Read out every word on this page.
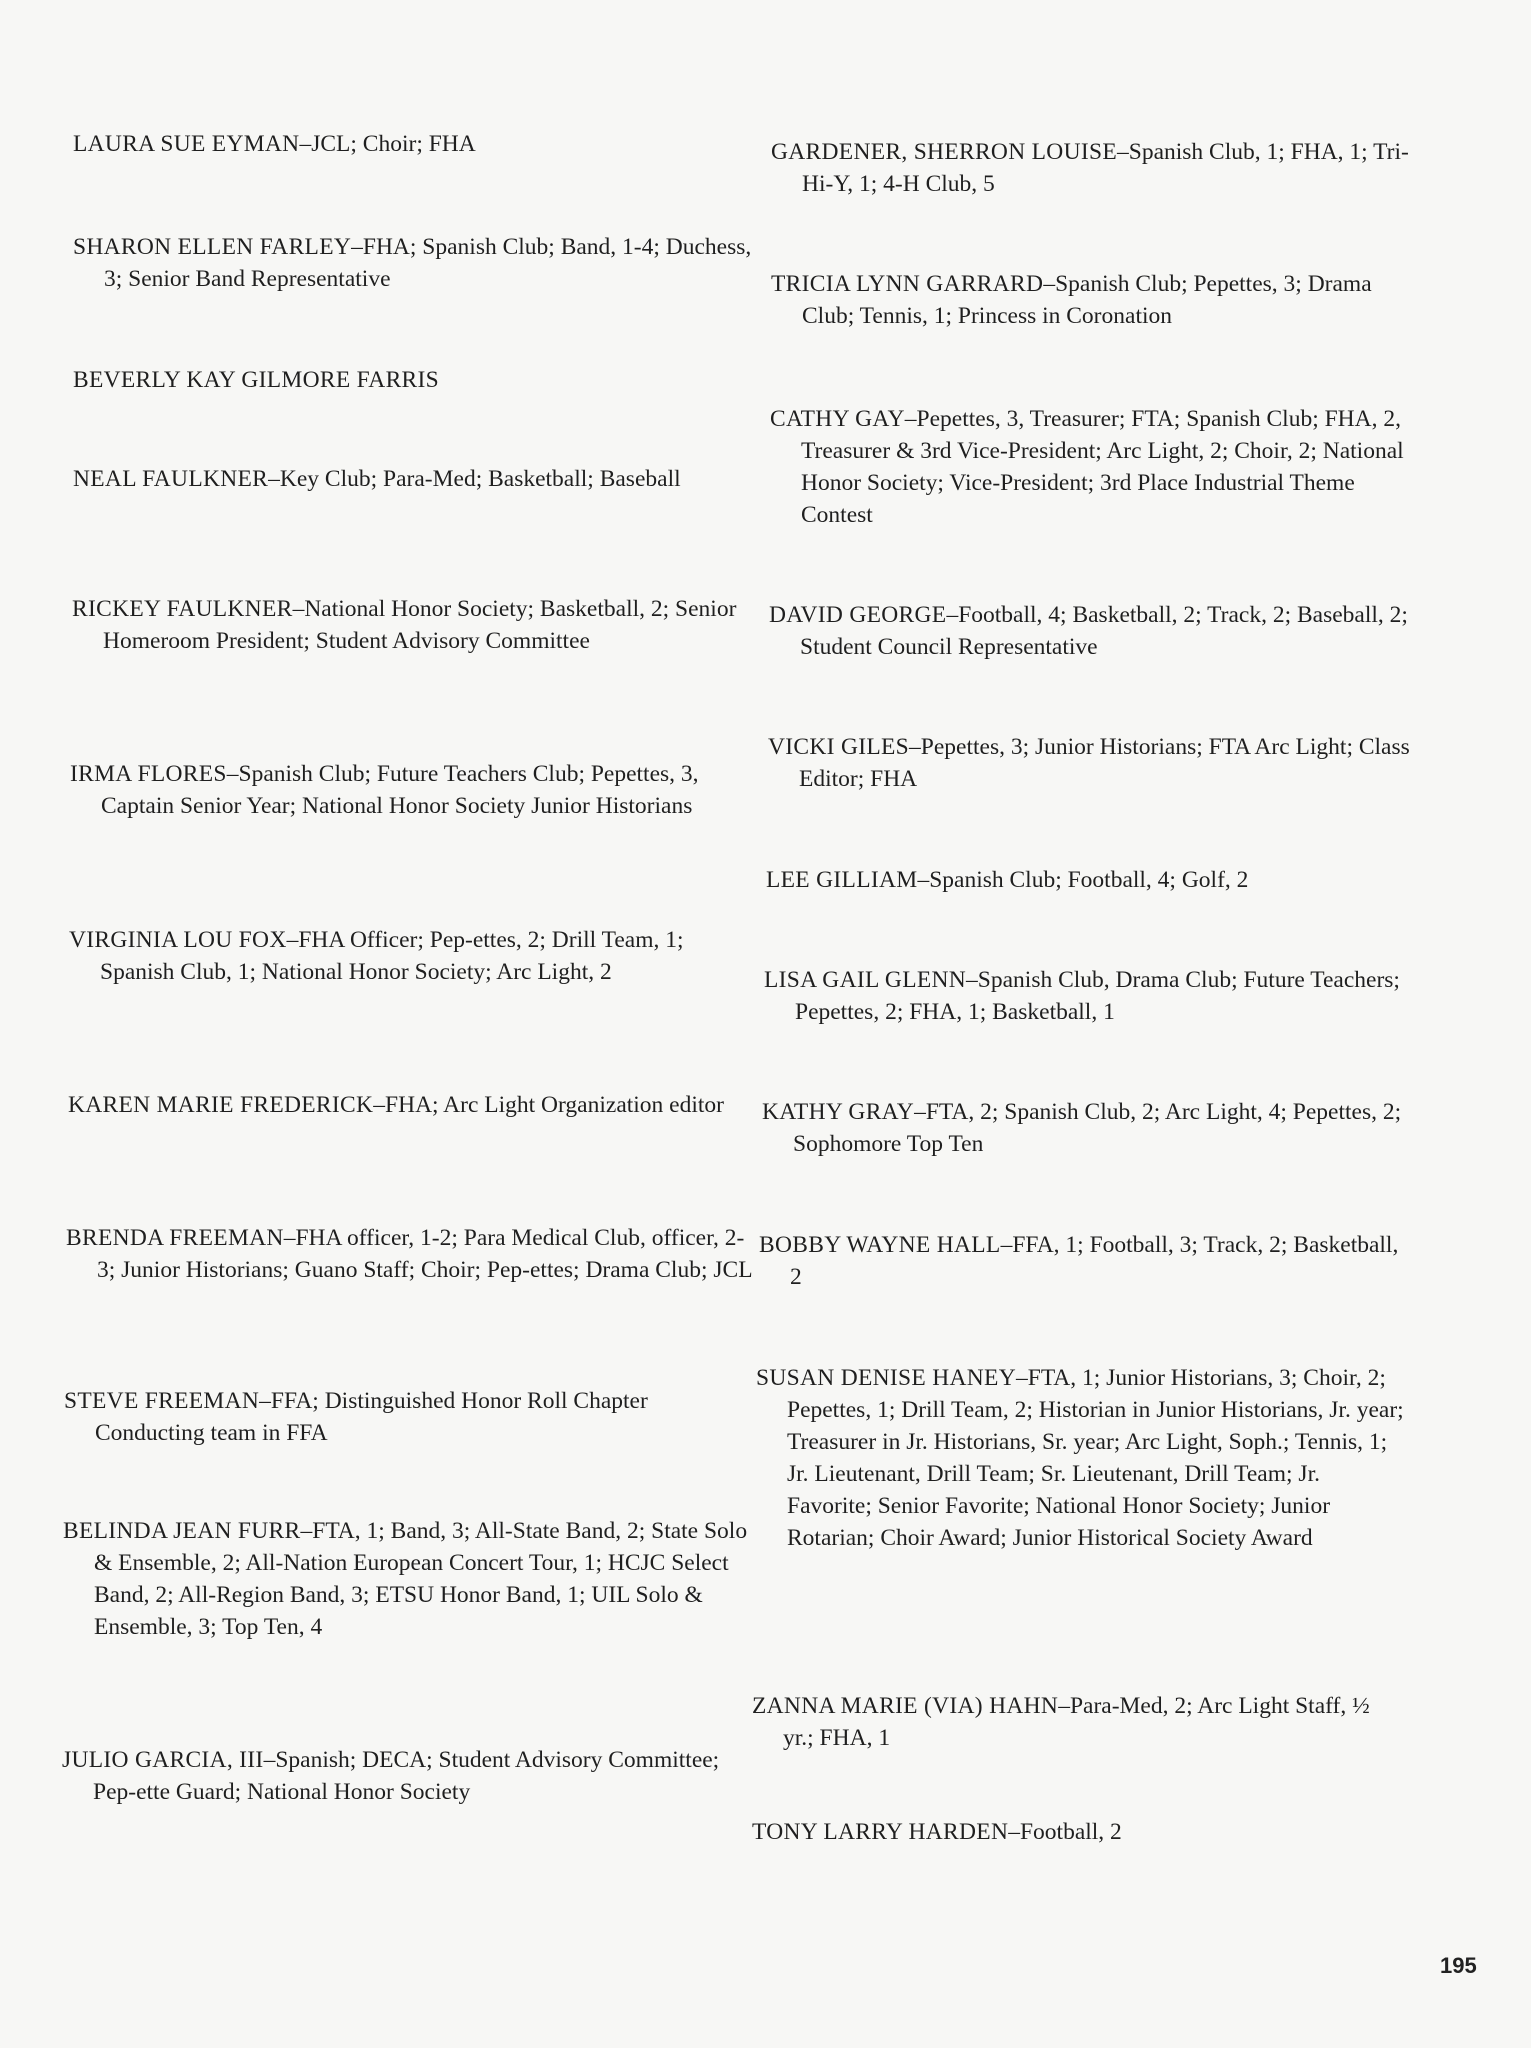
LAURA SUE EYMAN–JCL; Choir; FHA
SHARON ELLEN FARLEY–FHA; Spanish Club; Band, 1-4; Duchess, 3; Senior Band Representative
BEVERLY KAY GILMORE FARRIS
NEAL FAULKNER–Key Club; Para-Med; Basketball; Baseball
RICKEY FAULKNER–National Honor Society; Basketball, 2; Senior Homeroom President; Student Advisory Committee
IRMA FLORES–Spanish Club; Future Teachers Club; Pepettes, 3, Captain Senior Year; National Honor Society Junior Historians
VIRGINIA LOU FOX–FHA Officer; Pep-ettes, 2; Drill Team, 1; Spanish Club, 1; National Honor Society; Arc Light, 2
KAREN MARIE FREDERICK–FHA; Arc Light Organization editor
BRENDA FREEMAN–FHA officer, 1-2; Para Medical Club, officer, 2-3; Junior Historians; Guano Staff; Choir; Pep-ettes; Drama Club; JCL
STEVE FREEMAN–FFA; Distinguished Honor Roll Chapter Conducting team in FFA
BELINDA JEAN FURR–FTA, 1; Band, 3; All-State Band, 2; State Solo & Ensemble, 2; All-Nation European Concert Tour, 1; HCJC Select Band, 2; All-Region Band, 3; ETSU Honor Band, 1; UIL Solo & Ensemble, 3; Top Ten, 4
JULIO GARCIA, III–Spanish; DECA; Student Advisory Committee; Pep-ette Guard; National Honor Society
GARDENER, SHERRON LOUISE–Spanish Club, 1; FHA, 1; Tri-Hi-Y, 1; 4-H Club, 5
TRICIA LYNN GARRARD–Spanish Club; Pepettes, 3; Drama Club; Tennis, 1; Princess in Coronation
CATHY GAY–Pepettes, 3, Treasurer; FTA; Spanish Club; FHA, 2, Treasurer & 3rd Vice-President; Arc Light, 2; Choir, 2; National Honor Society; Vice-President; 3rd Place Industrial Theme Contest
DAVID GEORGE–Football, 4; Basketball, 2; Track, 2; Baseball, 2; Student Council Representative
VICKI GILES–Pepettes, 3; Junior Historians; FTA Arc Light; Class Editor; FHA
LEE GILLIAM–Spanish Club; Football, 4; Golf, 2
LISA GAIL GLENN–Spanish Club, Drama Club; Future Teachers; Pepettes, 2; FHA, 1; Basketball, 1
KATHY GRAY–FTA, 2; Spanish Club, 2; Arc Light, 4; Pepettes, 2; Sophomore Top Ten
BOBBY WAYNE HALL–FFA, 1; Football, 3; Track, 2; Basketball, 2
SUSAN DENISE HANEY–FTA, 1; Junior Historians, 3; Choir, 2; Pepettes, 1; Drill Team, 2; Historian in Junior Historians, Jr. year; Treasurer in Jr. Historians, Sr. year; Arc Light, Soph.; Tennis, 1; Jr. Lieutenant, Drill Team; Sr. Lieutenant, Drill Team; Jr. Favorite; Senior Favorite; National Honor Society; Junior Rotarian; Choir Award; Junior Historical Society Award
ZANNA MARIE (VIA) HAHN–Para-Med, 2; Arc Light Staff, ½ yr.; FHA, 1
TONY LARRY HARDEN–Football, 2
195
